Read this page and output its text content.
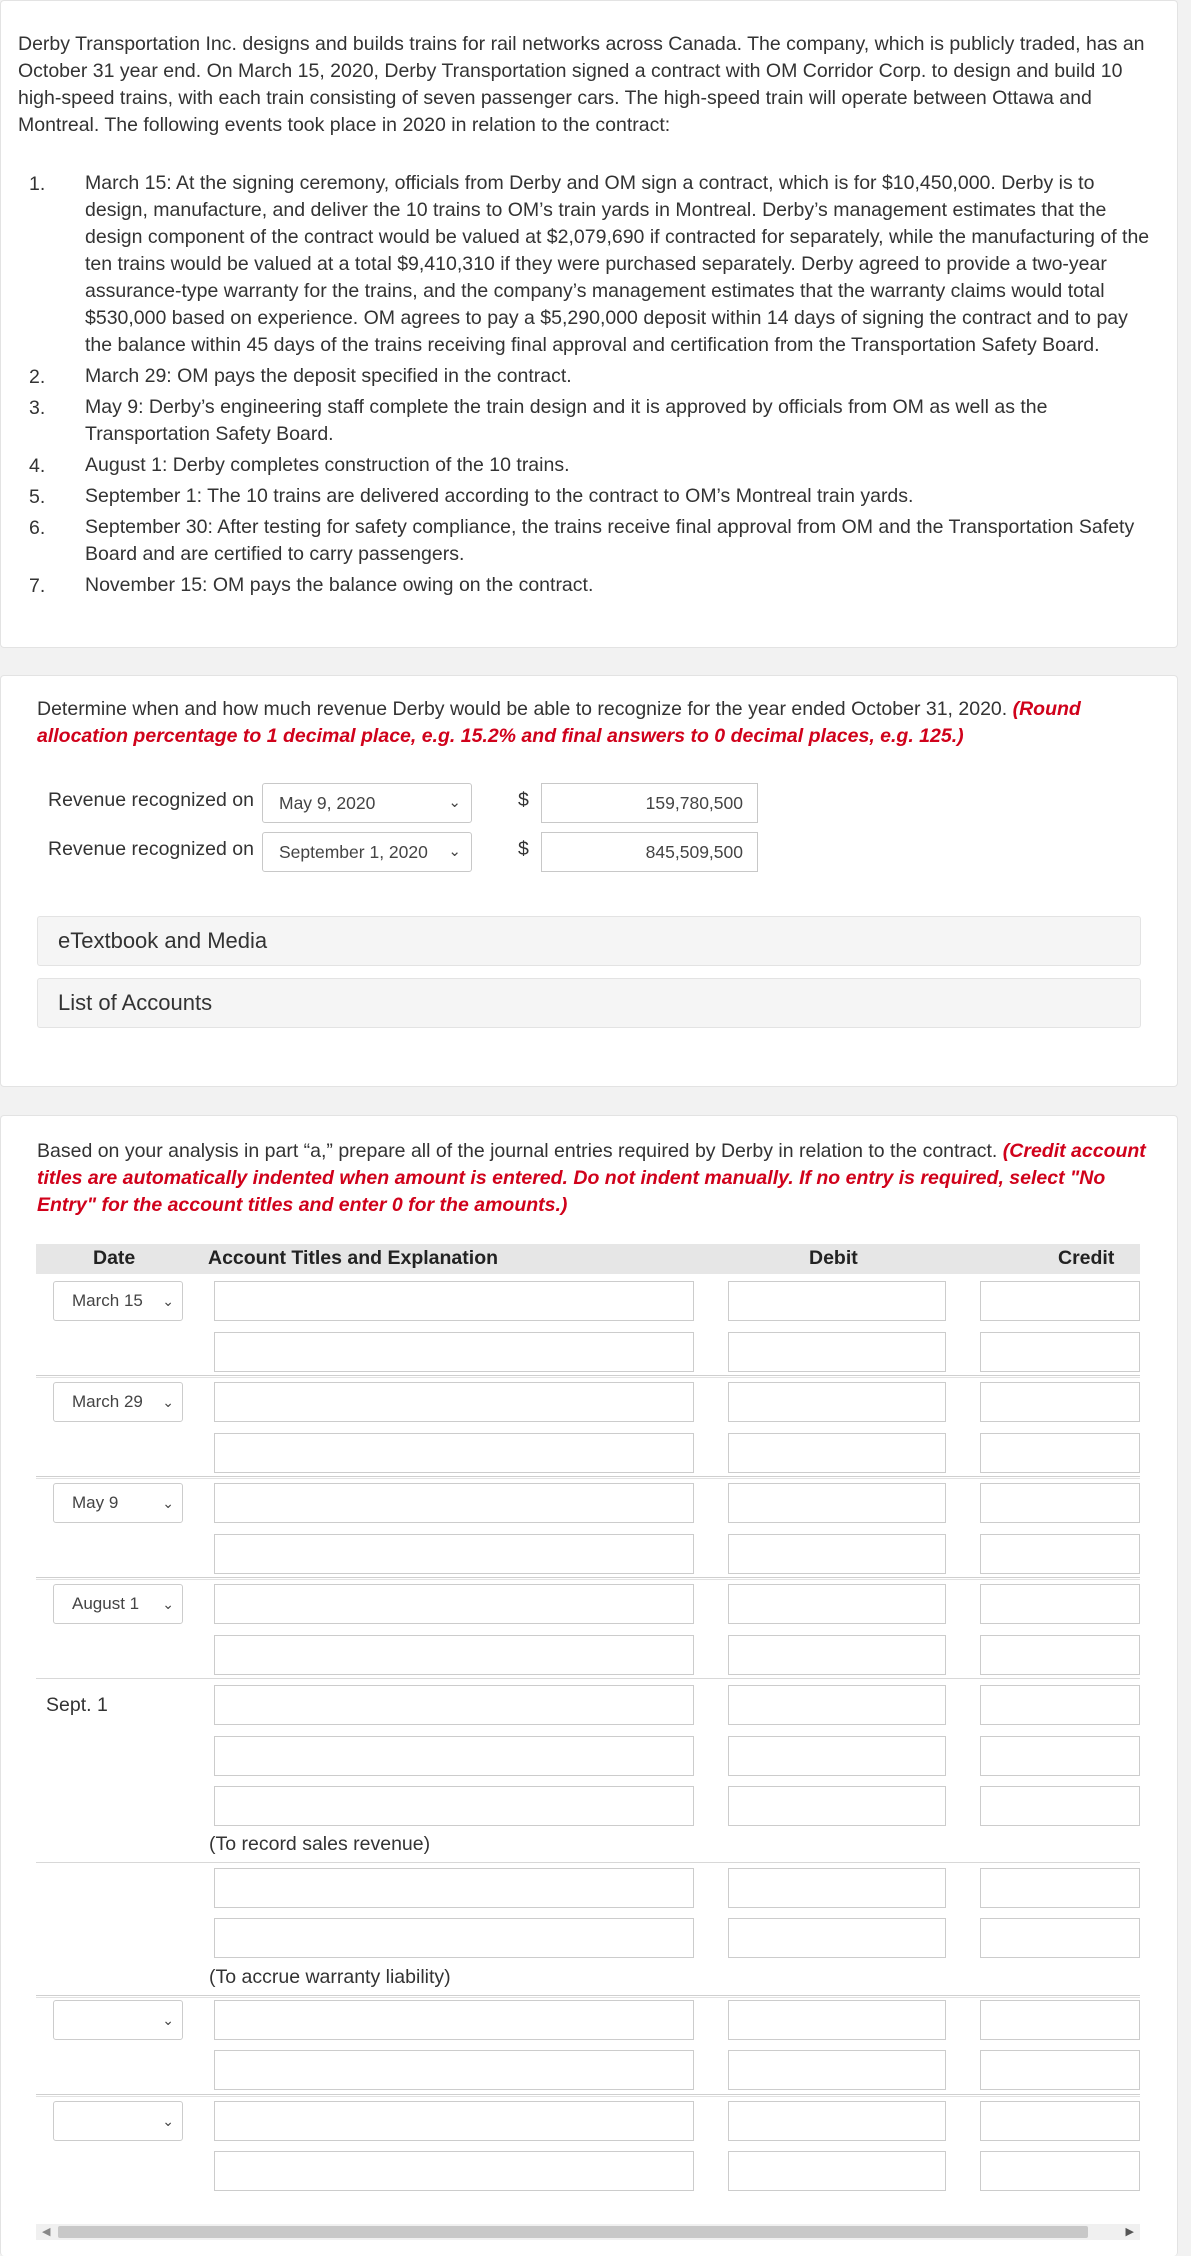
Derby Transportation Inc. designs and builds trains for rail networks across Canada. The company, which is publicly traded, has an October 31 year end. On March 15, 2020, Derby Transportation signed a contract with OM Corridor Corp. to design and build 10 high-speed trains, with each train consisting of seven passenger cars. The high-speed train will operate between Ottawa and Montreal. The following events took place in 2020 in relation to the contract:
1. March 15: At the signing ceremony, officials from Derby and OM sign a contract, which is for $10,450,000. Derby is to design, manufacture, and deliver the 10 trains to OM’s train yards in Montreal. Derby’s management estimates that the design component of the contract would be valued at $2,079,690 if contracted for separately, while the manufacturing of the ten trains would be valued at a total $9,410,310 if they were purchased separately. Derby agreed to provide a two-year assurance-type warranty for the trains, and the company’s management estimates that the warranty claims would total $530,000 based on experience. OM agrees to pay a $5,290,000 deposit within 14 days of signing the contract and to pay the balance within 45 days of the trains receiving final approval and certification from the Transportation Safety Board.
2. March 29: OM pays the deposit specified in the contract.
3. May 9: Derby’s engineering staff complete the train design and it is approved by officials from OM as well as the Transportation Safety Board.
4. August 1: Derby completes construction of the 10 trains.
5. September 1: The 10 trains are delivered according to the contract to OM’s Montreal train yards.
6. September 30: After testing for safety compliance, the trains receive final approval from OM and the Transportation Safety Board and are certified to carry passengers.
7. November 15: OM pays the balance owing on the contract.
Determine when and how much revenue Derby would be able to recognize for the year ended October 31, 2020. (Round allocation percentage to 1 decimal place, e.g. 15.2% and final answers to 0 decimal places, e.g. 125.)
Revenue recognized on	May 9, 2020	⌄	$	159,780,500
Revenue recognized on	September 1, 2020 ⌄	$	845,509,500
eTextbook and Media
List of Accounts
Based on your analysis in part “a,” prepare all of the journal entries required by Derby in relation to the contract. (Credit account titles are automatically indented when amount is entered. Do not indent manually. If no entry is required, select "No Entry" for the account titles and enter 0 for the amounts.)
Date	Account Titles and Explanation	Debit	Credit
March 15 ⌄
March 29 ⌄
May 9	⌄
August 1 ⌄
Sept. 1
(To record sales revenue)
(To accrue warranty liability)
⌄
⌄
◀	▶
